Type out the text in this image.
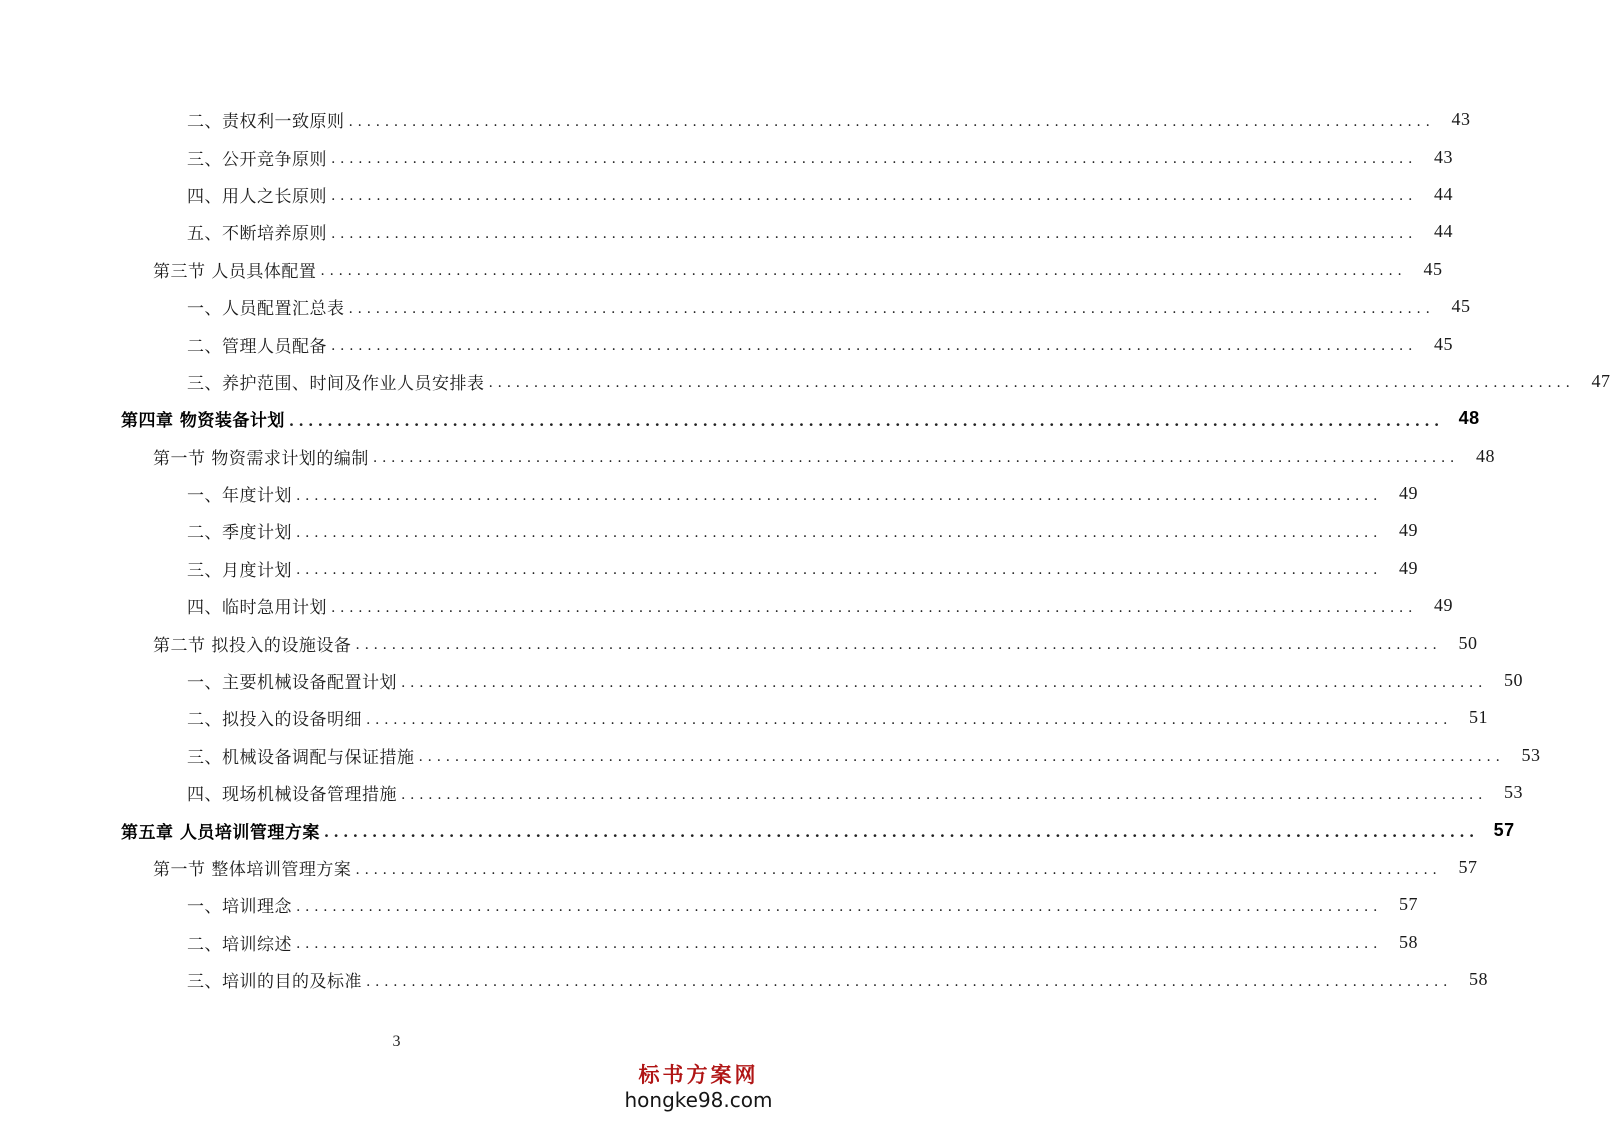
二、责权利一致原则 ........................................................................................................................ 43
三、公开竞争原则 ........................................................................................................................ 43
四、用人之长原则 ........................................................................................................................ 44
五、不断培养原则 ........................................................................................................................ 44
第三节 人员具体配置 ........................................................................................................................ 45
一、人员配置汇总表 ........................................................................................................................ 45
二、管理人员配备 ........................................................................................................................ 45
三、养护范围、时间及作业人员安排表 ........................................................................................................................ 47
第四章 物资装备计划 ........................................................................................................................ 48
第一节 物资需求计划的编制 ........................................................................................................................ 48
一、年度计划 ........................................................................................................................ 49
二、季度计划 ........................................................................................................................ 49
三、月度计划 ........................................................................................................................ 49
四、临时急用计划 ........................................................................................................................ 49
第二节 拟投入的设施设备 ........................................................................................................................ 50
一、主要机械设备配置计划 ........................................................................................................................ 50
二、拟投入的设备明细 ........................................................................................................................ 51
三、机械设备调配与保证措施 ........................................................................................................................ 53
四、现场机械设备管理措施 ........................................................................................................................ 53
第五章 人员培训管理方案 ........................................................................................................................ 57
第一节 整体培训管理方案 ........................................................................................................................ 57
一、培训理念 ........................................................................................................................ 57
二、培训综述 ........................................................................................................................ 58
三、培训的目的及标准 ........................................................................................................................ 58
3
标书方案网
hongke98.com
